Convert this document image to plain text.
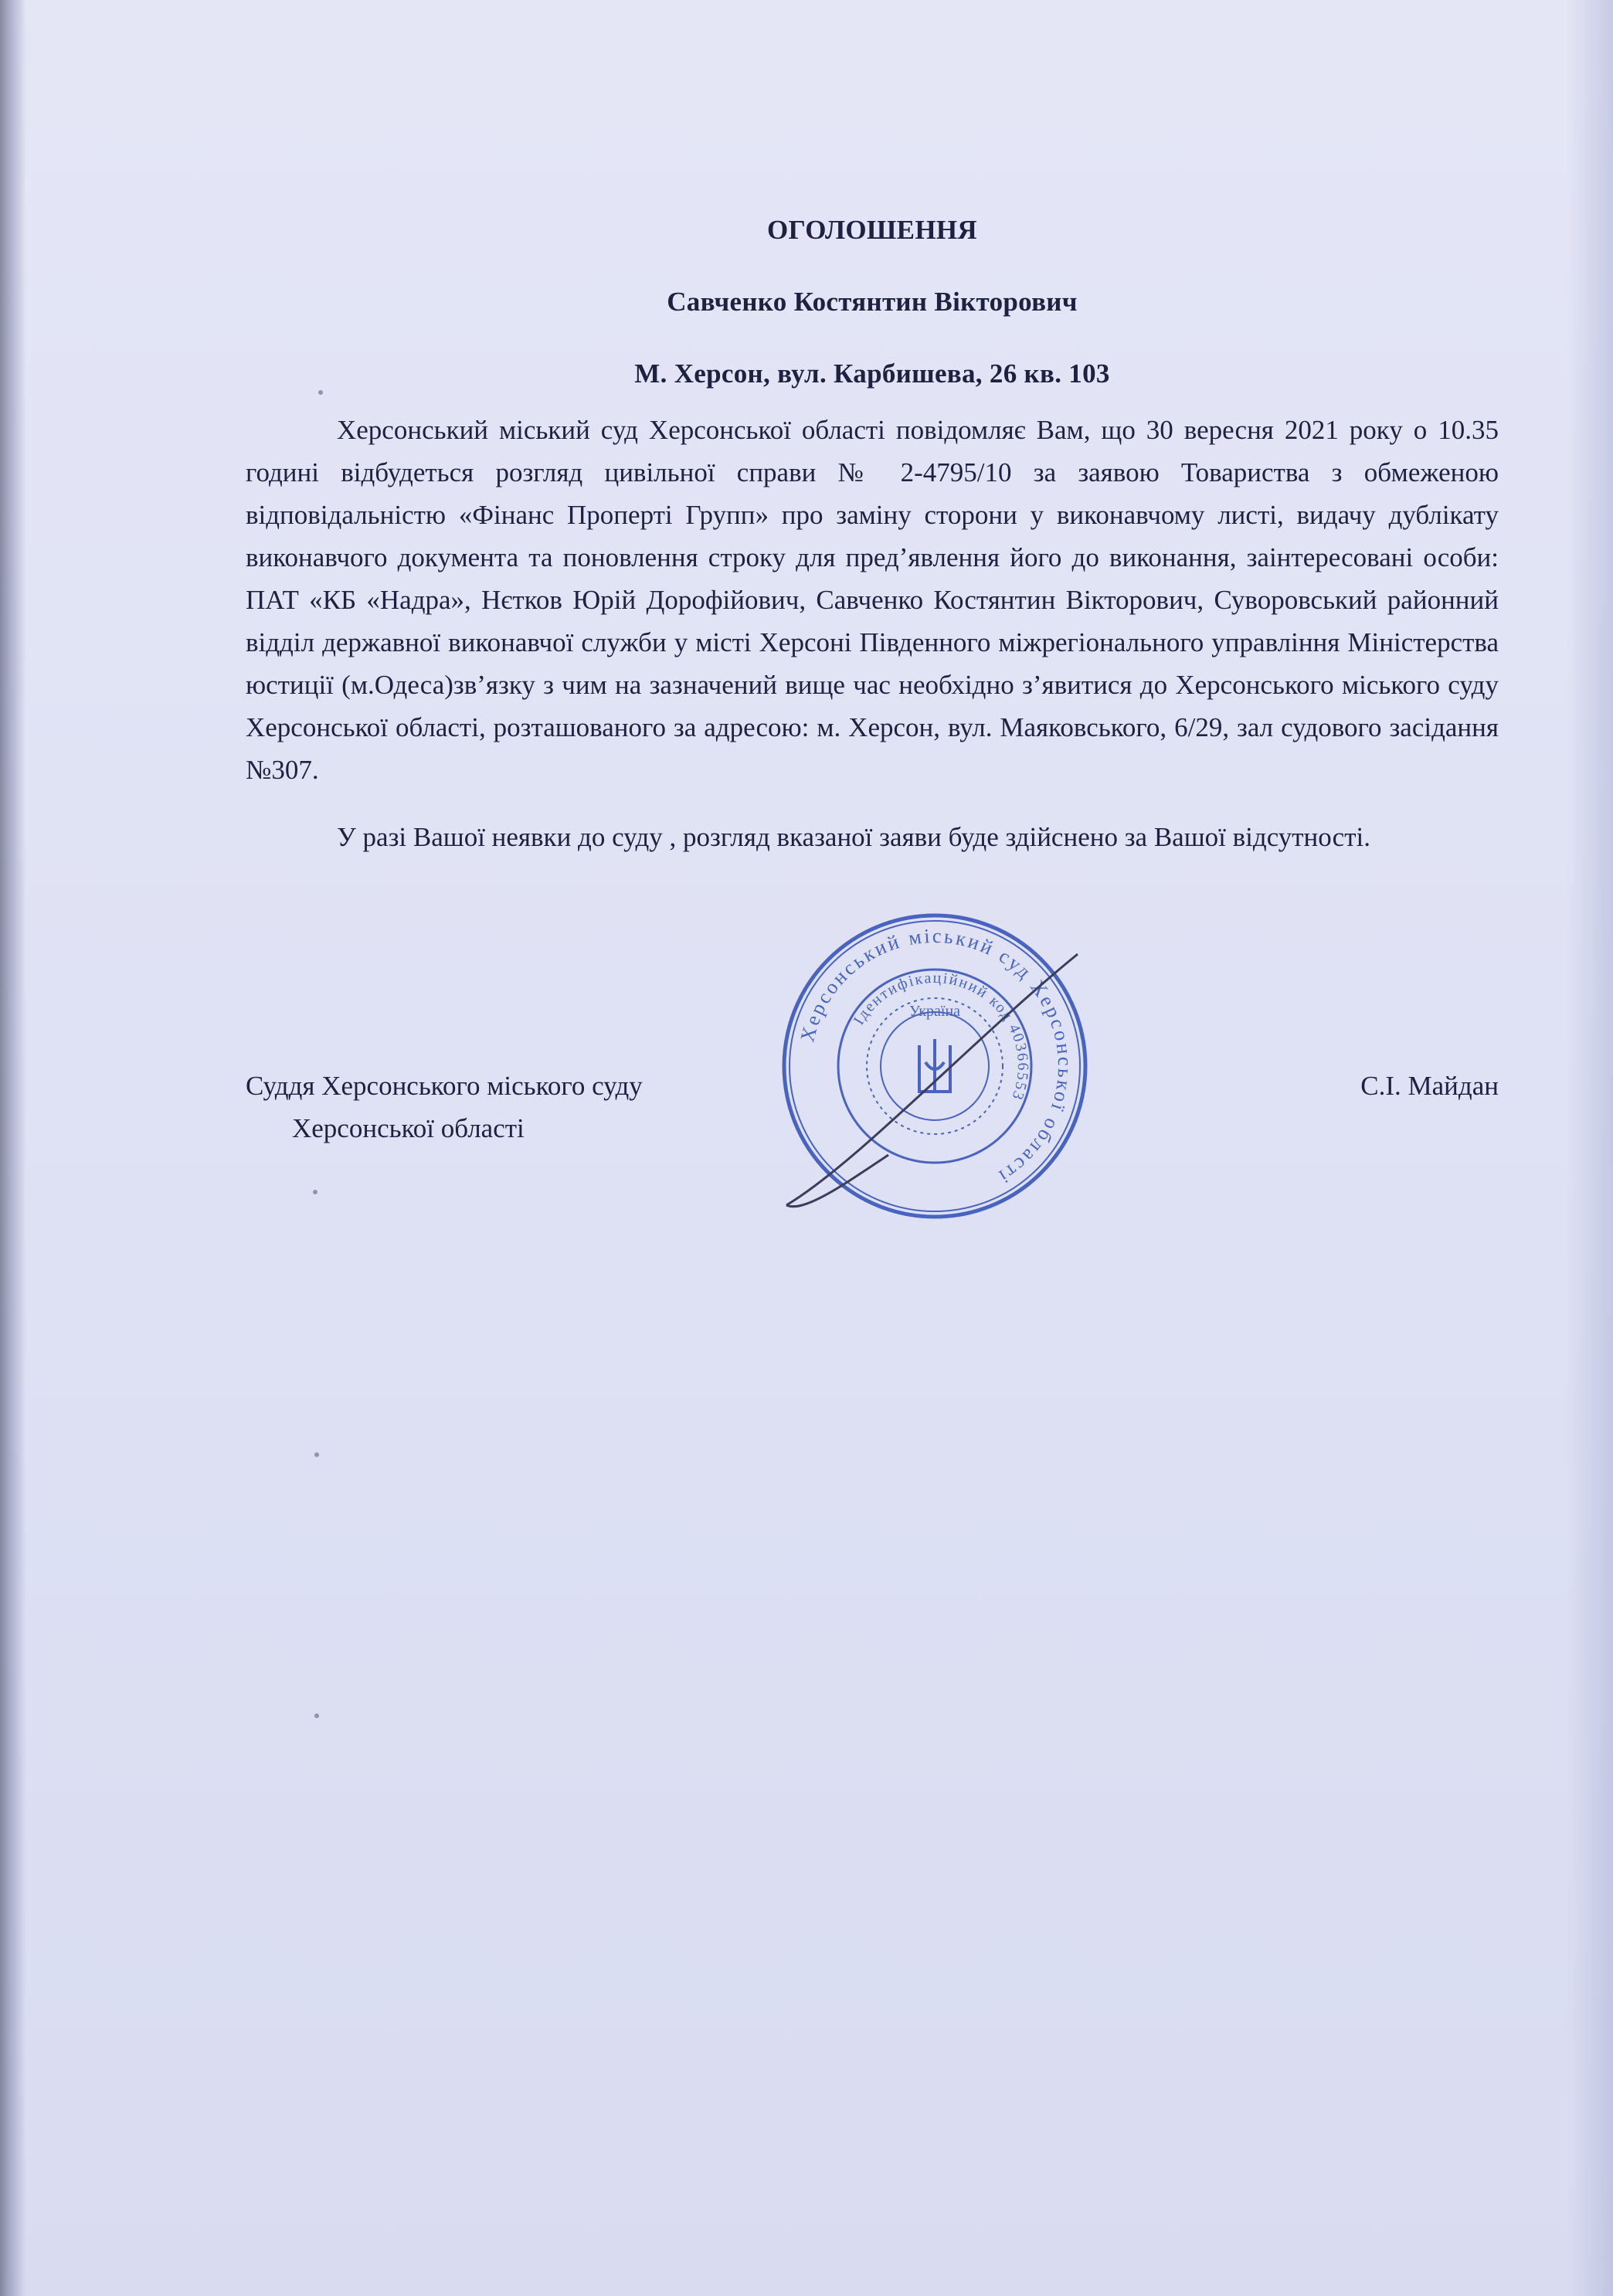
ОГОЛОШЕННЯ

Савченко Костянтин Вікторович

М. Херсон, вул. Карбишева, 26 кв. 103

Херсонський міський суд Херсонської області повідомляє Вам, що 30 вересня 2021 року о 10.35 годині відбудеться розгляд цивільної справи № 2-4795/10 за заявою Товариства з обмеженою відповідальністю «Фінанс Проперті Групп» про заміну сторони у виконавчому листі, видачу дублікату виконавчого документа та поновлення строку для пред’явлення його до виконання, заінтересовані особи: ПАТ «КБ «Надра», Нєтков Юрій Дорофійович, Савченко Костянтин Вікторович, Суворовський районний відділ державної виконавчої служби у місті Херсоні Південного міжрегіонального управління Міністерства юстиції (м.Одеса)зв’язку з чим на зазначений вище час необхідно з’явитися до Херсонського міського суду Херсонської області, розташованого за адресою: м. Херсон, вул. Маяковського, 6/29, зал судового засідання №307.

У разі Вашої неявки до суду , розгляд вказаної заяви буде здійснено за Вашої відсутності.

Херсонський міський суд Херсонської області
Ідентифікаційний код 40366553
Україна
Суддя Херсонського міського суду
Херсонської області
С.І. Майдан
